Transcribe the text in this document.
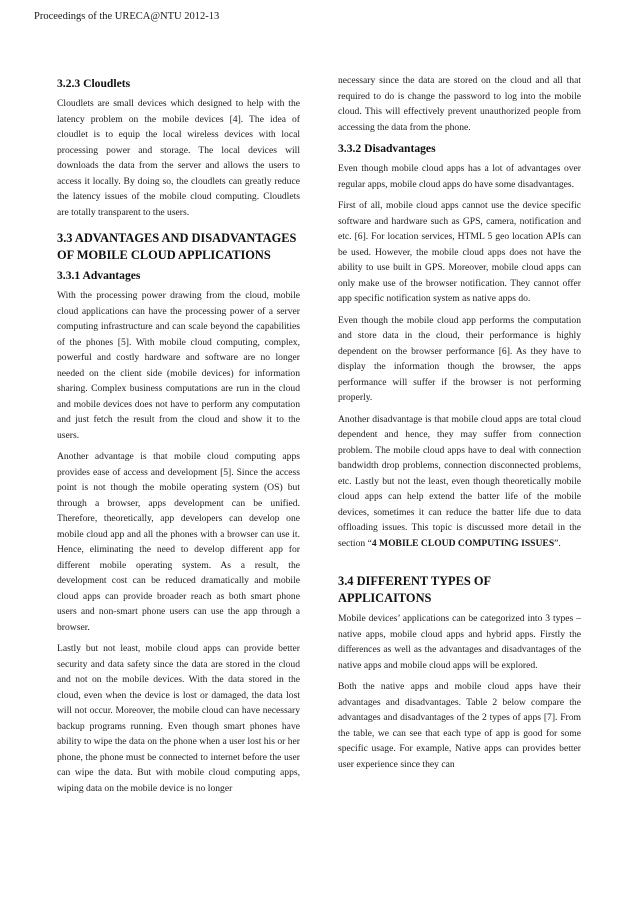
Proceedings of the URECA@NTU 2012-13
3.2.3 Cloudlets

Cloudlets are small devices which designed to help with the latency problem on the mobile devices [4]. The idea of cloudlet is to equip the local wireless devices with local processing power and storage. The local devices will downloads the data from the server and allows the users to access it locally. By doing so, the cloudlets can greatly reduce the latency issues of the mobile cloud computing. Cloudlets are totally transparent to the users.

3.3 ADVANTAGES AND DISADVANTAGES OF MOBILE CLOUD APPLICATIONS
3.3.1 Advantages

With the processing power drawing from the cloud, mobile cloud applications can have the processing power of a server computing infrastructure and can scale beyond the capabilities of the phones [5]. With mobile cloud computing, complex, powerful and costly hardware and software are no longer needed on the client side (mobile devices) for information sharing. Complex business computations are run in the cloud and mobile devices does not have to perform any computation and just fetch the result from the cloud and show it to the users.

Another advantage is that mobile cloud computing apps provides ease of access and development [5]. Since the access point is not though the mobile operating system (OS) but through a browser, apps development can be unified. Therefore, theoretically, app developers can develop one mobile cloud app and all the phones with a browser can use it. Hence, eliminating the need to develop different app for different mobile operating system. As a result, the development cost can be reduced dramatically and mobile cloud apps can provide broader reach as both smart phone users and non-smart phone users can use the app through a browser.

Lastly but not least, mobile cloud apps can provide better security and data safety since the data are stored in the cloud and not on the mobile devices. With the data stored in the cloud, even when the device is lost or damaged, the data lost will not occur. Moreover, the mobile cloud can have necessary backup programs running. Even though smart phones have ability to wipe the data on the phone when a user lost his or her phone, the phone must be connected to internet before the user can wipe the data. But with mobile cloud computing apps, wiping data on the mobile device is no longer

necessary since the data are stored on the cloud and all that required to do is change the password to log into the mobile cloud. This will effectively prevent unauthorized people from accessing the data from the phone.

3.3.2 Disadvantages

Even though mobile cloud apps has a lot of advantages over regular apps, mobile cloud apps do have some disadvantages.

First of all, mobile cloud apps cannot use the device specific software and hardware such as GPS, camera, notification and etc. [6]. For location services, HTML 5 geo location APIs can be used. However, the mobile cloud apps does not have the ability to use built in GPS. Moreover, mobile cloud apps can only make use of the browser notification. They cannot offer app specific notification system as native apps do.

Even though the mobile cloud app performs the computation and store data in the cloud, their performance is highly dependent on the browser performance [6]. As they have to display the information though the browser, the apps performance will suffer if the browser is not performing properly.

Another disadvantage is that mobile cloud apps are total cloud dependent and hence, they may suffer from connection problem. The mobile cloud apps have to deal with connection bandwidth drop problems, connection disconnected problems, etc. Lastly but not the least, even though theoretically mobile cloud apps can help extend the batter life of the mobile devices, sometimes it can reduce the batter life due to data offloading issues. This topic is discussed more detail in the section “4 MOBILE CLOUD COMPUTING ISSUES”.

3.4 DIFFERENT TYPES OF APPLICAITONS

Mobile devices’ applications can be categorized into 3 types – native apps, mobile cloud apps and hybrid apps. Firstly the differences as well as the advantages and disadvantages of the native apps and mobile cloud apps will be explored.

Both the native apps and mobile cloud apps have their advantages and disadvantages. Table 2 below compare the advantages and disadvantages of the 2 types of apps [7]. From the table, we can see that each type of app is good for some specific usage. For example, Native apps can provides better user experience since they can
